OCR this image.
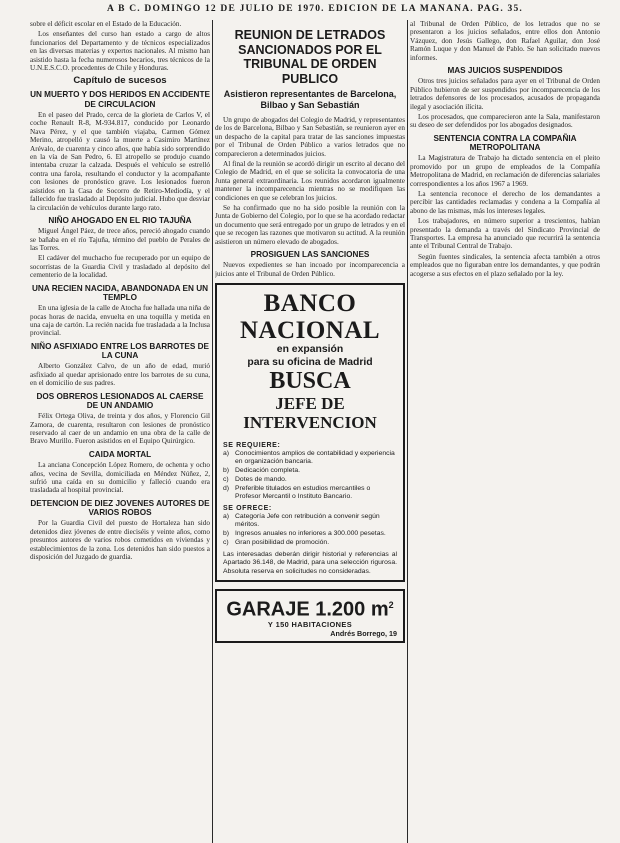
A B C. DOMINGO 12 DE JULIO DE 1970. EDICION DE LA MAÑANA. PAG. 35.

sobre el déficit escolar en el Estado de la Educación.

Los enseñantes del curso han estado a cargo de altos funcionarios del Departamento y de técnicos especializados en las diversas materias y expertos nacionales. Al mismo han asistido hasta la fecha numerosos becarios, tres técnicos de la U.N.E.S.C.O. procedentes de Chile y Honduras.

Capítulo de sucesos
UN MUERTO Y DOS HERIDOS EN ACCIDENTE DE CIRCULACION

En el paseo del Prado, cerca de la glorieta de Carlos V, el coche Renault R-8, M-934.817, conducido por Leonardo Nava Pérez, y el que también viajaba, Carmen Gómez Merino, atropelló y causó la muerte a Casimiro Martínez Arévalo, de cuarenta y cinco años, que había sido sorprendido en la vía de San Pedro, 6. El atropello se produjo cuando intentaba cruzar la calzada. Después el vehículo se estrelló contra una farola, resultando el conductor y la acompañante con lesiones de pronóstico grave. Los lesionados fueron asistidos en la Casa de Socorro de Retiro-Mediodía, y el fallecido fue trasladado al Depósito judicial. Hubo que desviar la circulación de vehículos durante largo rato.

NIÑO AHOGADO EN EL RIO TAJUÑA

Miguel Ángel Páez, de trece años, pereció ahogado cuando se bañaba en el río Tajuña, término del pueblo de Perales de las Torres.

El cadáver del muchacho fue recuperado por un equipo de socorristas de la Guardia Civil y trasladado al depósito del cementerio de la localidad.

UNA RECIEN NACIDA, ABANDONADA EN UN TEMPLO

En una iglesia de la calle de Atocha fue hallada una niña de pocas horas de nacida, envuelta en una toquilla y metida en una caja de cartón. La recién nacida fue trasladada a la Inclusa provincial.

NIÑO ASFIXIADO ENTRE LOS BARROTES DE LA CUNA

Alberto González Calvo, de un año de edad, murió asfixiado al quedar aprisionado entre los barrotes de su cuna, en el domicilio de sus padres.

DOS OBREROS LESIONADOS AL CAERSE DE UN ANDAMIO

Félix Ortega Oliva, de treinta y dos años, y Florencio Gil Zamora, de cuarenta, resultaron con lesiones de pronóstico reservado al caer de un andamio en una obra de la calle de Bravo Murillo. Fueron asistidos en el Equipo Quirúrgico.

CAIDA MORTAL

La anciana Concepción López Romero, de ochenta y ocho años, vecina de Sevilla, domiciliada en Méndez Núñez, 2, sufrió una caída en su domicilio y falleció cuando era trasladada al hospital provincial.

DETENCION DE DIEZ JOVENES AUTORES DE VARIOS ROBOS

Por la Guardia Civil del puesto de Hortaleza han sido detenidos diez jóvenes de entre dieciséis y veinte años, como presuntos autores de varios robos cometidos en viviendas y establecimientos de la zona. Los detenidos han sido puestos a disposición del Juzgado de guardia.

REUNION DE LETRADOS SANCIONADOS POR EL TRIBUNAL DE ORDEN PUBLICO
Asistieron representantes de Barcelona, Bilbao y San Sebastián

Un grupo de abogados del Colegio de Madrid, y representantes de los de Barcelona, Bilbao y San Sebastián, se reunieron ayer en un despacho de la capital para tratar de las sanciones impuestas por el Tribunal de Orden Público a varios letrados que no comparecieron a determinados juicios.

Al final de la reunión se acordó dirigir un escrito al decano del Colegio de Madrid, en el que se solicita la convocatoria de una Junta general extraordinaria. Los reunidos acordaron igualmente mantener la incomparecencia mientras no se modifiquen las condiciones en que se celebran los juicios.

Se ha confirmado que no ha sido posible la reunión con la Junta de Gobierno del Colegio, por lo que se ha acordado redactar un documento que será entregado por un grupo de letrados y en el que se recogen las razones que motivaron su actitud. A la reunión asistieron un número elevado de abogados.

PROSIGUEN LAS SANCIONES

Nuevos expedientes se han incoado por incomparecencia a juicios ante el Tribunal de Orden Público.

BANCO NACIONAL
en expansión
para su oficina de Madrid
BUSCA
JEFE DE INTERVENCION
SE REQUIERE:
a) Conocimientos amplios de contabilidad y experiencia en organización bancaria.
b) Dedicación completa.
c) Dotes de mando.
d) Preferible titulados en estudios mercantiles o Profesor Mercantil o Instituto Bancario.
SE OFRECE:
a) Categoría Jefe con retribución a convenir según méritos.
b) Ingresos anuales no inferiores a 300.000 pesetas.
c) Gran posibilidad de promoción.
Las interesadas deberán dirigir historial y referencias al Apartado 36.148, de Madrid, para una selección rigurosa. Absoluta reserva en solicitudes no consideradas.
GARAJE 1.200 $m^2$
Y 150 HABITACIONES
Andrés Borrego, 19

al Tribunal de Orden Público, de los letrados que no se presentaron a los juicios señalados, entre ellos don Antonio Vázquez, don Jesús Gallego, don Rafael Aguilar, don José Ramón Luque y don Manuel de Pablo. Se han solicitado nuevos informes.

MAS JUICIOS SUSPENDIDOS

Otros tres juicios señalados para ayer en el Tribunal de Orden Público hubieron de ser suspendidos por incomparecencia de los letrados defensores de los procesados, acusados de propaganda ilegal y asociación ilícita.

Los procesados, que comparecieron ante la Sala, manifestaron su deseo de ser defendidos por los abogados designados.

SENTENCIA CONTRA LA COMPAÑIA METROPOLITANA

La Magistratura de Trabajo ha dictado sentencia en el pleito promovido por un grupo de empleados de la Compañía Metropolitana de Madrid, en reclamación de diferencias salariales correspondientes a los años 1967 a 1969.

La sentencia reconoce el derecho de los demandantes a percibir las cantidades reclamadas y condena a la Compañía al abono de las mismas, más los intereses legales.

Los trabajadores, en número superior a trescientos, habían presentado la demanda a través del Sindicato Provincial de Transportes. La empresa ha anunciado que recurrirá la sentencia ante el Tribunal Central de Trabajo.

Según fuentes sindicales, la sentencia afecta también a otros empleados que no figuraban entre los demandantes, y que podrán acogerse a sus efectos en el plazo señalado por la ley.
